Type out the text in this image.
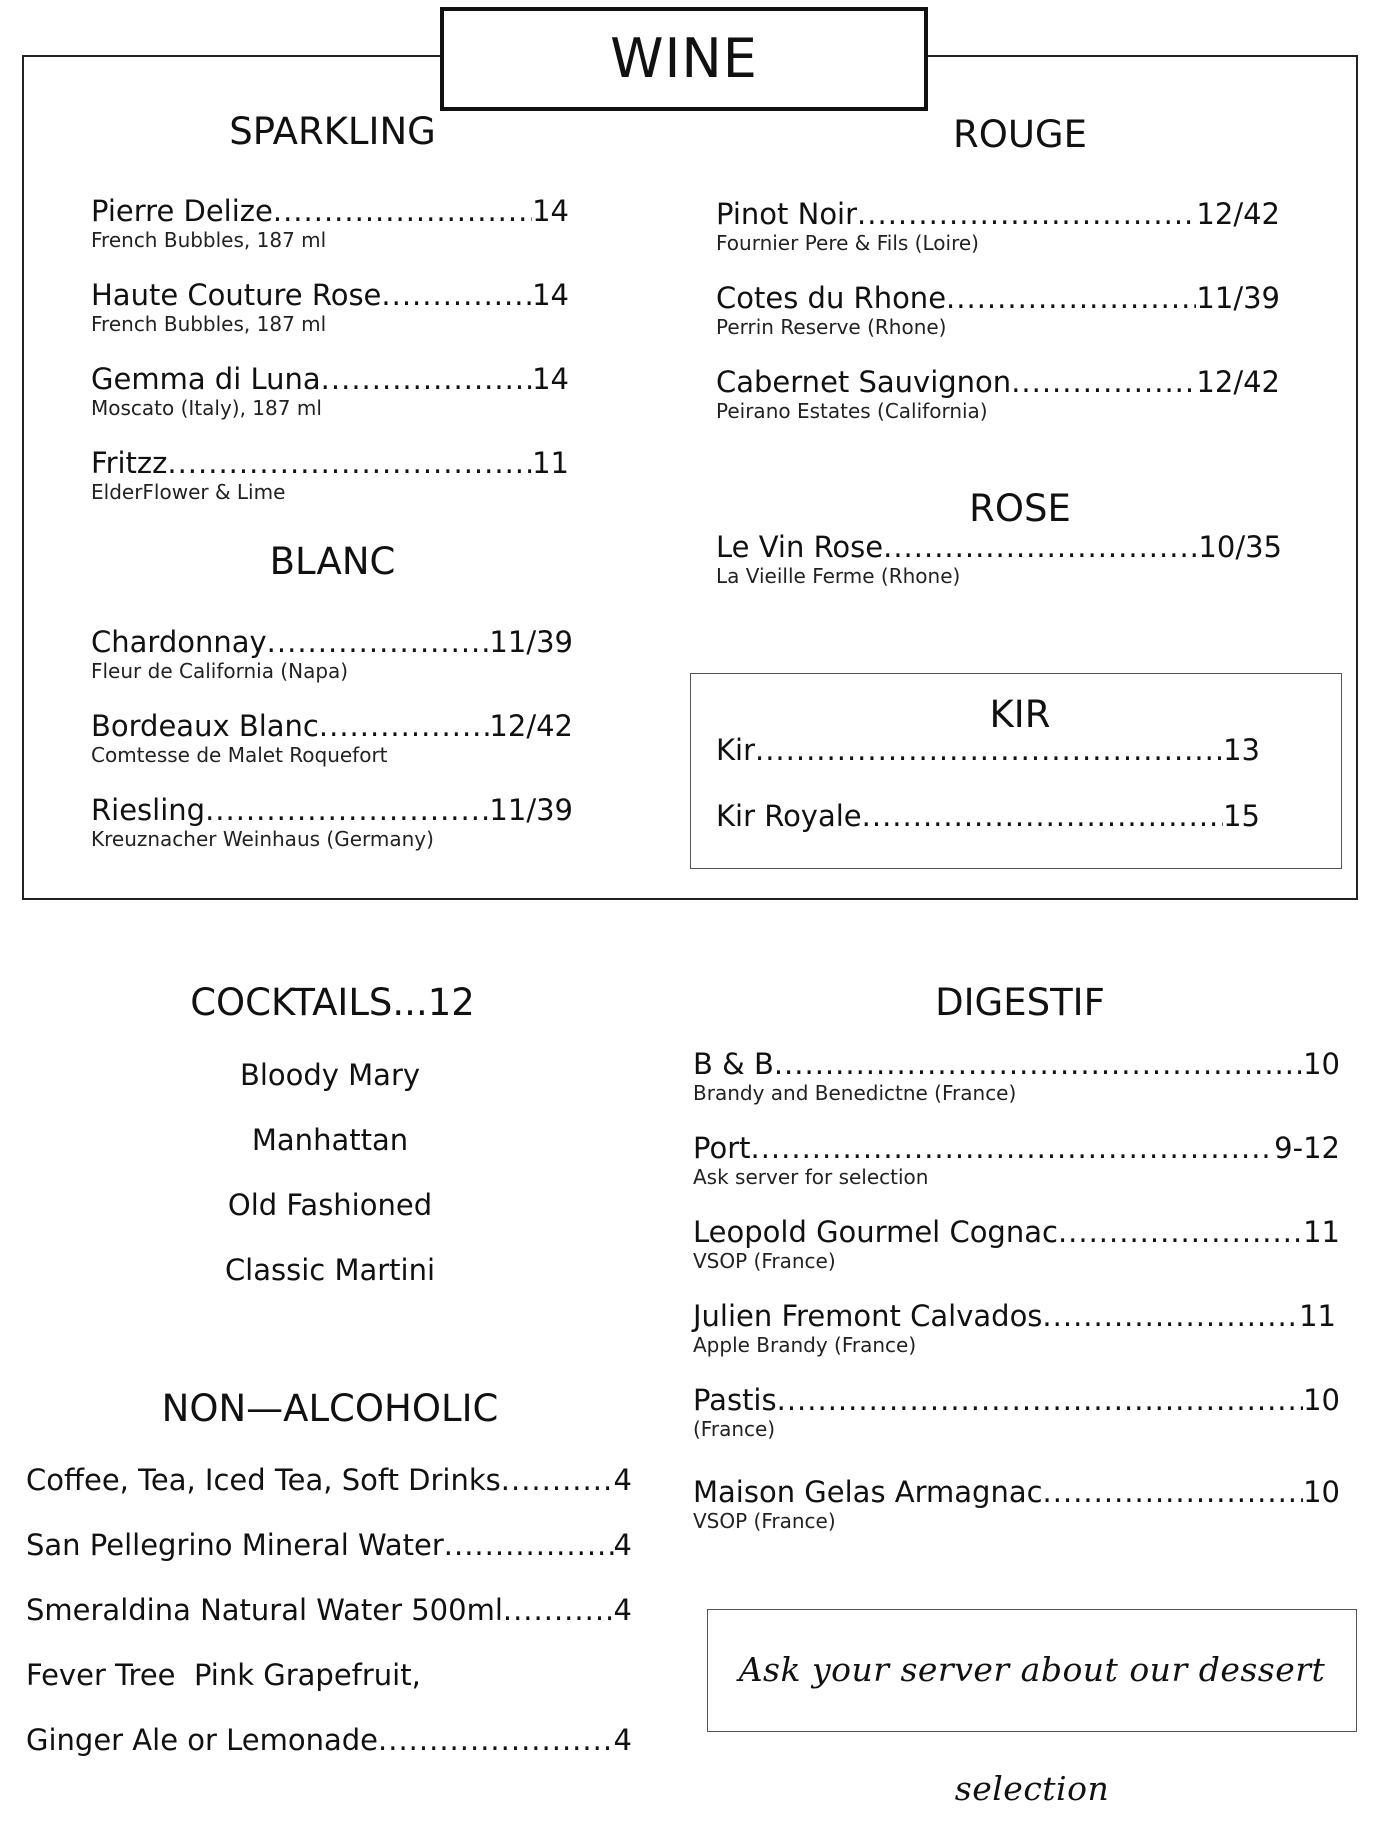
WINE
SPARKLING
Pierre Delize .....	14
French Bubbles, 187 ml
Haute Couture Rose .....	14
French Bubbles, 187 ml
Gemma di Luna .....	14
Moscato (Italy), 187 ml
Fritzz .....	11
ElderFlower & Lime
BLANC
Chardonnay .....	11/39
Fleur de California (Napa)
Bordeaux Blanc .....	12/42
Comtesse de Malet Roquefort
Riesling .....	11/39
Kreuznacher Weinhaus (Germany)
ROUGE
Pinot Noir .....	12/42
Fournier Pere & Fils (Loire)
Cotes du Rhone .....	11/39
Perrin Reserve (Rhone)
Cabernet Sauvignon .....	12/42
Peirano Estates (California)
ROSE
Le Vin Rose .....	10/35
La Vieille Ferme (Rhone)
KIR
Kir .....	13
Kir Royale .....	15
COCKTAILS...12
Bloody Mary
Manhattan
Old Fashioned
Classic Martini
NON—ALCOHOLIC
Coffee, Tea, Iced Tea, Soft Drinks .....	4
San Pellegrino Mineral Water .....	4
Smeraldina Natural Water 500ml .....	4
Fever Tree  Pink Grapefruit,
Ginger Ale or Lemonade .....	4
DIGESTIF
B & B .....	10
Brandy and Benedictne (France)
Port .....	9-12
Ask server for selection
Leopold Gourmel Cognac .....	11
VSOP (France)
Julien Fremont Calvados .....	11
Apple Brandy (France)
Pastis .....	10
(France)
Maison Gelas Armagnac .....	10
VSOP (France)
Ask your server about our dessert selection
